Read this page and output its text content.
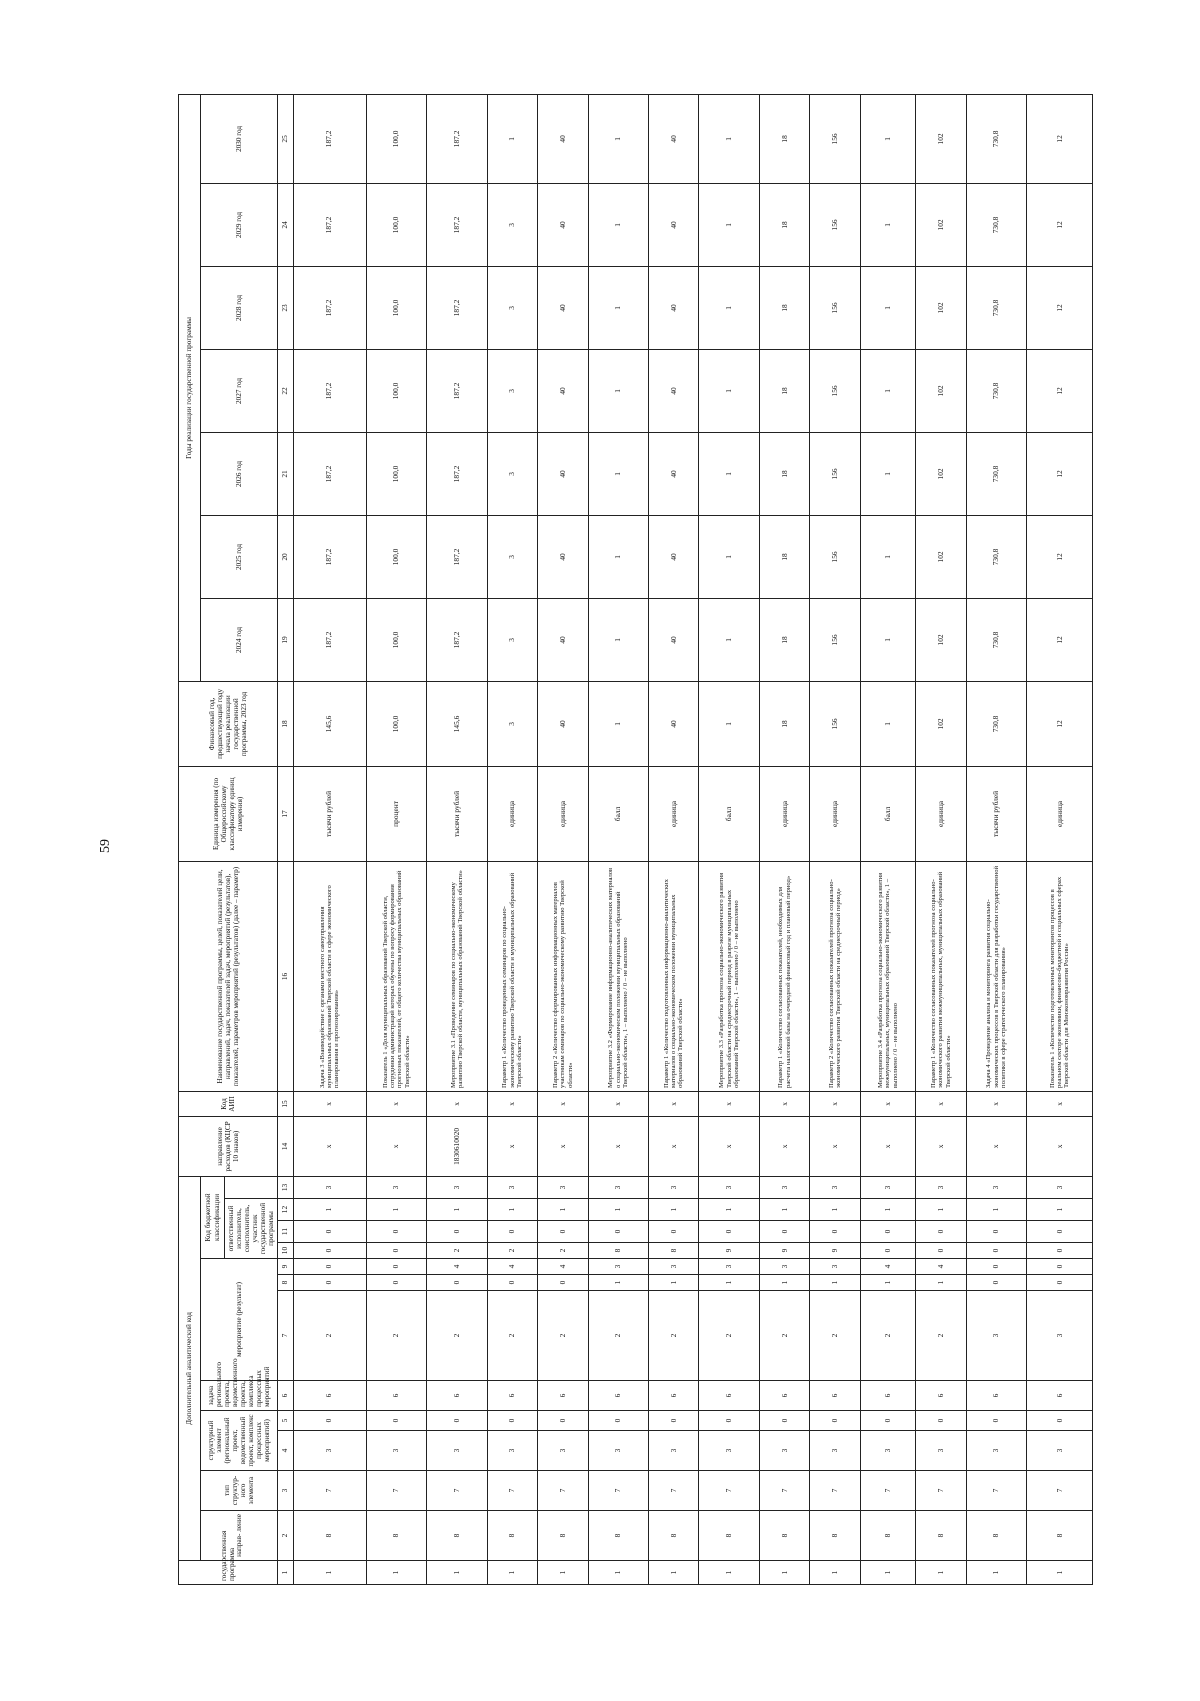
59
государственная программа	Дополнительный аналитический код												направление расходов (КЦСР 10 знаков)	Код АИП	Наименование государственной программы, целей, показателей цели, направлений, задач, показателей задач, мероприятий (результатов), показателей, параметров мероприятий (результатов) (далее – параметр)	Единица измерения (по Общероссийскому классификатору единиц измерения)	Финансовый год, предшествующий году начала реализации государственной программы, 2023 год	Годы реализации государственной программы						
	направ- ление	тип структур- ного элемента	структурный элемент (региональный проект, ведомственный проект, комплекс процессных мероприятий)		задача регионального проекта, ведомственного проекта, комплекса процессных мероприятий	мероприятие (результат)			Код бюджетной классификации									2024 год	2025 год	2026 год	2027 год	2028 год	2029 год	2030 год
									ответственный исполнитель, соисполнитель, участник государственной программы															
1	2	3	4	5	6	7	8	9	10	11	12	13	14	15	16	17	18	19	20	21	22	23	24	25
1	8	7	3	0	6	2	0	0	0	0	1	3	x	x	Задача 3 «Взаимодействие с органами местного самоуправления муниципальных образований Тверской области в сфере экономического планирования и прогнозирования»	тысячи рублей	145,6	187,2	187,2	187,2	187,2	187,2	187,2	187,2
1	8	7	3	0	6	2	0	0	0	0	1	3	x	x	Показатель 1 «Доля муниципальных образований Тверской области, сотрудники администраций которых обучены по вопросу формирования прогнозных показателей, от общего количества муниципальных образований Тверской области»	процент	100,0	100,0	100,0	100,0	100,0	100,0	100,0	100,0
1	8	7	3	0	6	2	0	4	2	0	1	3	1830610020	x	Мероприятие 3.1 «Проведение семинаров по социально-экономическому развитию Тверской области, муниципальных образований Тверской области»	тысячи рублей	145,6	187,2	187,2	187,2	187,2	187,2	187,2	187,2
1	8	7	3	0	6	2	0	4	2	0	1	3	x	x	Параметр 1 «Количество проведенных семинаров по социально-экономическому развитию Тверской области и муниципальных образований Тверской области»	единица	3	3	3	3	3	3	3	1
1	8	7	3	0	6	2	0	4	2	0	1	3	x	x	Параметр 2 «Количество сформированных информационных материалов участникам семинаров по социально-экономическому развитию Тверской области»	единица	40	40	40	40	40	40	40	40
1	8	7	3	0	6	2	1	3	8	0	1	3	x	x	Мероприятие 3.2 «Формирование информационно-аналитических материалов о социально-экономическом положении муниципальных образований Тверской области», 1 – выполнено / 0 – не выполнено	балл	1	1	1	1	1	1	1	1
1	8	7	3	0	6	2	1	3	8	0	1	3	x	x	Параметр 1 «Количество подготовленных информационно-аналитических материалов о социально-экономическом положении муниципальных образований Тверской области»	единица	40	40	40	40	40	40	40	40
1	8	7	3	0	6	2	1	3	9	0	1	3	x	x	Мероприятие 3.3 «Разработка прогноза социально-экономического развития Тверской области на среднесрочный период в разрезе муниципальных образований Тверской области», 1 – выполнено / 0 – не выполнено	балл	1	1	1	1	1	1	1	1
1	8	7	3	0	6	2	1	3	9	0	1	3	x	x	Параметр 1 «Количество согласованных показателей, необходимых для расчета налоговой базы на очередной финансовый год и плановый период»	единица	18	18	18	18	18	18	18	18
1	8	7	3	0	6	2	1	3	9	0	1	3	x	x	Параметр 2 «Количество согласованных показателей прогноза социально-экономического развития Тверской области на среднесрочный период»	единица	156	156	156	156	156	156	156	156
1	8	7	3	0	6	2	1	4	0	0	1	3	x	x	Мероприятие 3.4 «Разработка прогноза социально-экономического развития межмуниципальных, муниципальных образований Тверской области», 1 – выполнено / 0 – не выполнено	балл	1	1	1	1	1	1	1	1
1	8	7	3	0	6	2	1	4	0	0	1	3	x	x	Параметр 1 «Количество согласованных показателей прогноза социально-экономического развития межмуниципальных, муниципальных образований Тверской области»	единица	102	102	102	102	102	102	102	102
1	8	7	3	0	6	3	0	0	0	0	1	3	x	x	Задача 4 «Проведение анализа и мониторинга развития социально-экономических процессов в Тверской области для разработки государственной политики в сфере стратегического планирования»	тысячи рублей	730,8	730,8	730,8	730,8	730,8	730,8	730,8	730,8
1	8	7	3	0	6	3	0	0	0	0	1	3	x	x	Показатель 1 «Количество подготовленных мониторингов процессов в реальном секторе экономики, финансово-бюджетной и социальных сферах Тверской области для Минэкономразвития России»	единица	12	12	12	12	12	12	12	12
